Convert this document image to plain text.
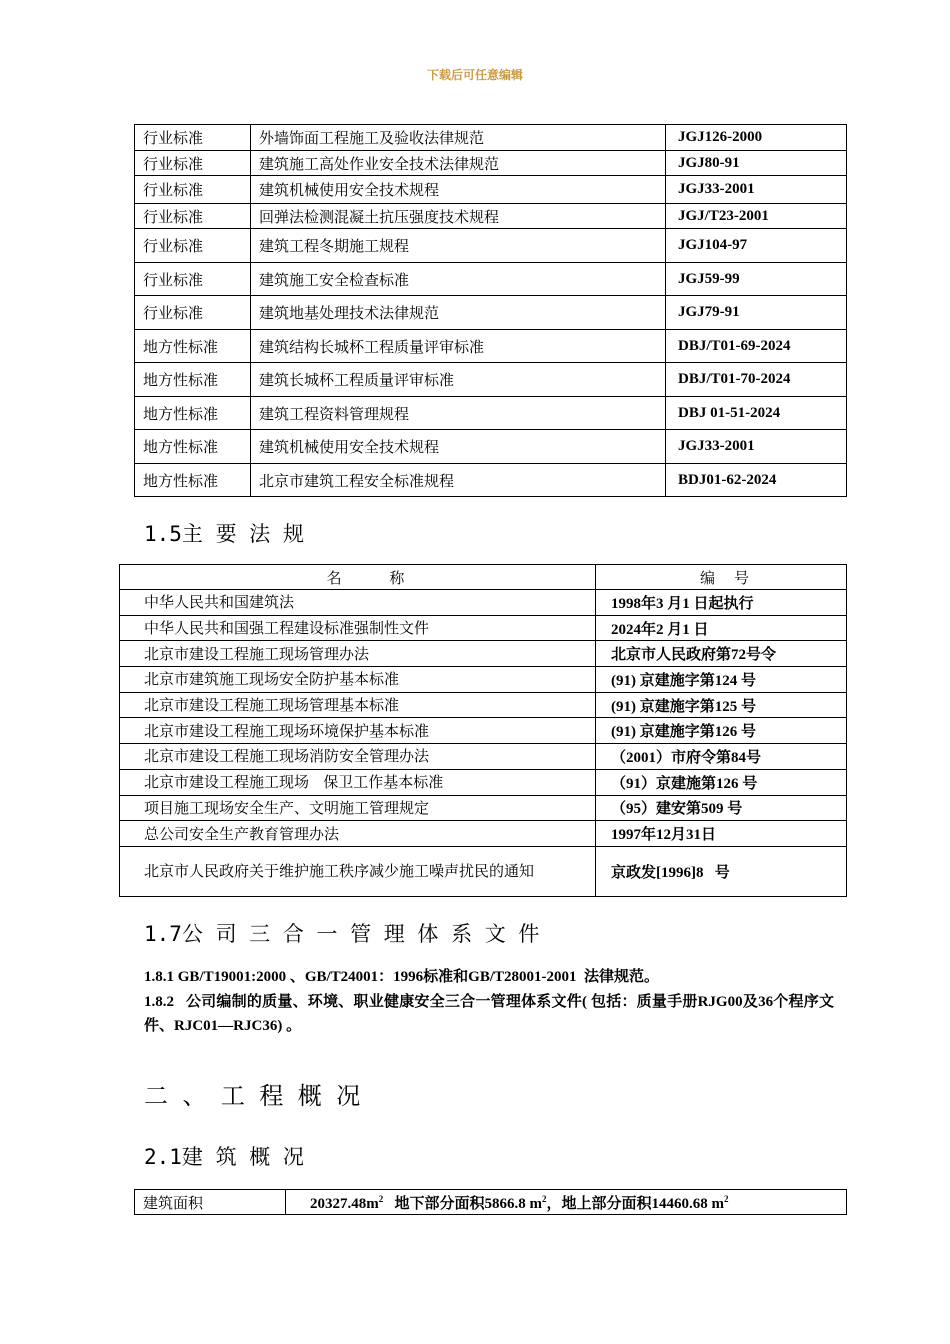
下载后可任意编辑
行业标准	外墙饰面工程施工及验收法律规范	JGJ126-2000
行业标准	建筑施工高处作业安全技术法律规范	JGJ80-91
行业标准	建筑机械使用安全技术规程	JGJ33-2001
行业标准	回弹法检测混凝土抗压强度技术规程	JGJ/T23-2001
行业标准	建筑工程冬期施工规程	JGJ104-97
行业标准	建筑施工安全检查标准	JGJ59-99
行业标准	建筑地基处理技术法律规范	JGJ79-91
地方性标准	建筑结构长城杯工程质量评审标准	DBJ/T01-69-2024
地方性标准	建筑长城杯工程质量评审标准	DBJ/T01-70-2024
地方性标准	建筑工程资料管理规程	DBJ 01-51-2024
地方性标准	建筑机械使用安全技术规程	JGJ33-2001
地方性标准	北京市建筑工程安全标准规程	BDJ01-62-2024
1.5主 要 法 规
名          称	编    号
中华人民共和国建筑法	1998年3 月1 日起执行
中华人民共和国强工程建设标准强制性文件	2024年2 月1 日
北京市建设工程施工现场管理办法	北京市人民政府第72号令
北京市建筑施工现场安全防护基本标准	(91) 京建施字第124 号
北京市建设工程施工现场管理基本标准	(91) 京建施字第125 号
北京市建设工程施工现场环境保护基本标准	(91) 京建施字第126 号
北京市建设工程施工现场消防安全管理办法	（2001）市府令第84号
北京市建设工程施工现场   保卫工作基本标准	（91）京建施第126 号
项目施工现场安全生产、文明施工管理规定	（95）建安第509 号
总公司安全生产教育管理办法	1997年12月31日
北京市人民政府关于维护施工秩序减少施工噪声扰民的通知	京政发[1996]8   号
1.7公 司 三 合 一 管 理 体 系 文 件
1.8.1 GB/T19001:2000 、GB/T24001：1996标准和GB/T28001-2001  法律规范。
1.8.2   公司编制的质量、环境、职业健康安全三合一管理体系文件( 包括：质量手册RJG00及36个程序文件、RJC01—RJC36) 。
二 、 工 程 概 况
2.1建 筑 概 况
建筑面积	$20327.48m^2$   地下部分面积5866.8 $m^2$，地上部分面积14460.68 $m^2$
